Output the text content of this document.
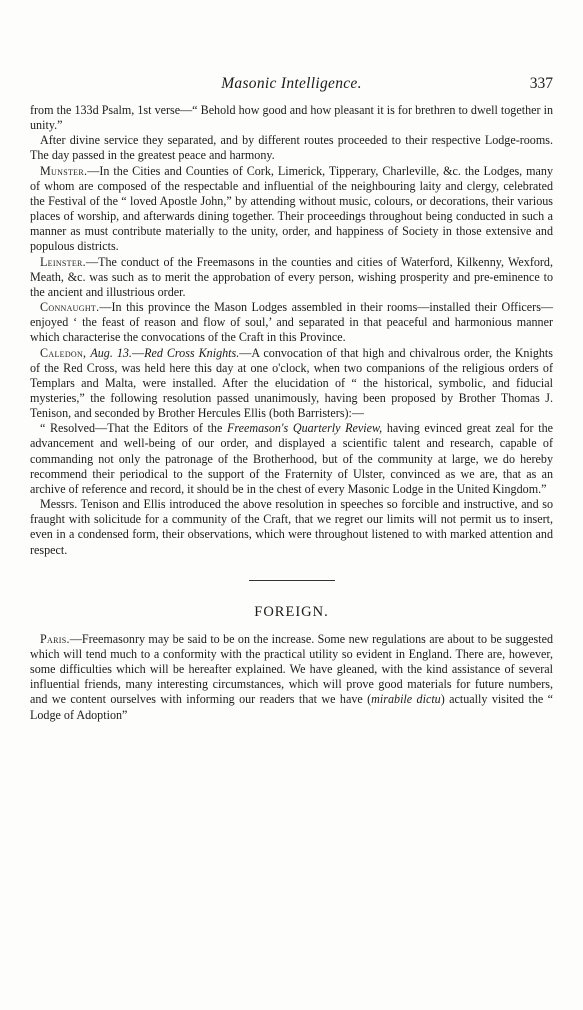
Masonic Intelligence.	337

from the 133d Psalm, 1st verse—“ Behold how good and how pleasant it is for brethren to dwell together in unity.”

After divine service they separated, and by different routes proceeded to their respective Lodge-rooms. The day passed in the greatest peace and harmony.

Munster.—In the Cities and Counties of Cork, Limerick, Tipperary, Charleville, &c. the Lodges, many of whom are composed of the respectable and influential of the neighbouring laity and clergy, celebrated the Festival of the “ loved Apostle John,” by attending without music, colours, or decorations, their various places of worship, and afterwards dining together. Their proceedings throughout being conducted in such a manner as must contribute materially to the unity, order, and happiness of Society in those extensive and populous districts.

Leinster.—The conduct of the Freemasons in the counties and cities of Waterford, Kilkenny, Wexford, Meath, &c. was such as to merit the approbation of every person, wishing prosperity and pre-eminence to the ancient and illustrious order.

Connaught.—In this province the Mason Lodges assembled in their rooms—installed their Officers—enjoyed ‘ the feast of reason and flow of soul,’ and separated in that peaceful and harmonious manner which characterise the convocations of the Craft in this Province.

Caledon, Aug. 13.—Red Cross Knights.—A convocation of that high and chivalrous order, the Knights of the Red Cross, was held here this day at one o'clock, when two companions of the religious orders of Templars and Malta, were installed. After the elucidation of “ the historical, symbolic, and fiducial mysteries,” the following resolution passed unanimously, having been proposed by Brother Thomas J. Tenison, and seconded by Brother Hercules Ellis (both Barristers):—

“ Resolved—That the Editors of the Freemason's Quarterly Review, having evinced great zeal for the advancement and well-being of our order, and displayed a scientific talent and research, capable of commanding not only the patronage of the Brotherhood, but of the community at large, we do hereby recommend their periodical to the support of the Fraternity of Ulster, convinced as we are, that as an archive of reference and record, it should be in the chest of every Masonic Lodge in the United Kingdom.”

Messrs. Tenison and Ellis introduced the above resolution in speeches so forcible and instructive, and so fraught with solicitude for a community of the Craft, that we regret our limits will not permit us to insert, even in a condensed form, their observations, which were throughout listened to with marked attention and respect.

FOREIGN.

Paris.—Freemasonry may be said to be on the increase. Some new regulations are about to be suggested which will tend much to a conformity with the practical utility so evident in England. There are, however, some difficulties which will be hereafter explained. We have gleaned, with the kind assistance of several influential friends, many interesting circumstances, which will prove good materials for future numbers, and we content ourselves with informing our readers that we have (mirabile dictu) actually visited the “ Lodge of Adoption”
